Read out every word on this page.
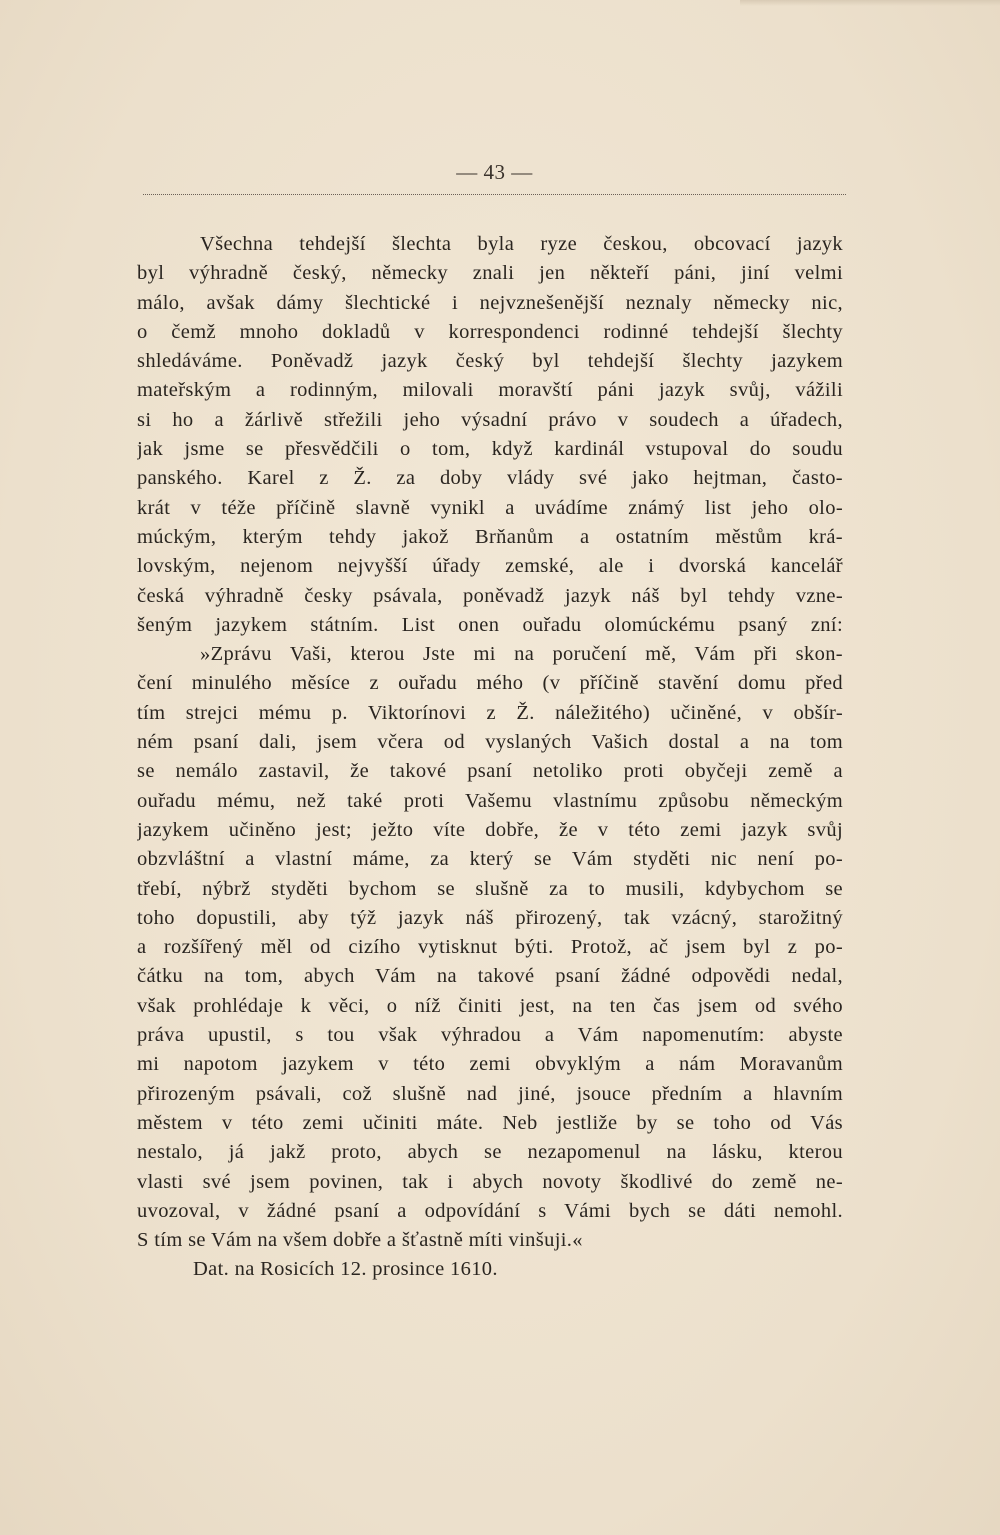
— 43 —
Všechna tehdejší šlechta byla ryze českou, obcovací jazyk
byl výhradně český, německy znali jen někteří páni, jiní velmi
málo, avšak dámy šlechtické i nejvznešenější neznaly německy nic,
o čemž mnoho dokladů v korrespondenci rodinné tehdejší šlechty
shledáváme. Poněvadž jazyk český byl tehdejší šlechty jazykem
mateřským a rodinným, milovali moravští páni jazyk svůj, vážili
si ho a žárlivě střežili jeho výsadní právo v soudech a úřadech,
jak jsme se přesvědčili o tom, když kardinál vstupoval do soudu
panského. Karel z Ž. za doby vlády své jako hejtman, často-
krát v téže příčině slavně vynikl a uvádíme známý list jeho olo-
múckým, kterým tehdy jakož Brňanům a ostatním městům krá-
lovským, nejenom nejvyšší úřady zemské, ale i dvorská kancelář
česká výhradně česky psávala, poněvadž jazyk náš byl tehdy vzne-
šeným jazykem státním. List onen ouřadu olomúckému psaný zní:
»Zprávu Vaši, kterou Jste mi na poručení mě, Vám při skon-
čení minulého měsíce z ouřadu mého (v příčině stavění domu před
tím strejci mému p. Viktorínovi z Ž. náležitého) učiněné, v obšír-
ném psaní dali, jsem včera od vyslaných Vašich dostal a na tom
se nemálo zastavil, že takové psaní netoliko proti obyčeji země a
ouřadu mému, než také proti Vašemu vlastnímu způsobu německým
jazykem učiněno jest; ježto víte dobře, že v této zemi jazyk svůj
obzvláštní a vlastní máme, za který se Vám styděti nic není po-
třebí, nýbrž styděti bychom se slušně za to musili, kdybychom se
toho dopustili, aby týž jazyk náš přirozený, tak vzácný, starožitný
a rozšířený měl od cizího vytisknut býti. Protož, ač jsem byl z po-
čátku na tom, abych Vám na takové psaní žádné odpovědi nedal,
však prohlédaje k věci, o níž činiti jest, na ten čas jsem od svého
práva upustil, s tou však výhradou a Vám napomenutím: abyste
mi napotom jazykem v této zemi obvyklým a nám Moravanům
přirozeným psávali, což slušně nad jiné, jsouce předním a hlavním
městem v této zemi učiniti máte. Neb jestliže by se toho od Vás
nestalo, já jakž proto, abych se nezapomenul na lásku, kterou
vlasti své jsem povinen, tak i abych novoty škodlivé do země ne-
uvozoval, v žádné psaní a odpovídání s Vámi bych se dáti nemohl.
S tím se Vám na všem dobře a šťastně míti vinšuji.«
Dat. na Rosicích 12. prosince 1610.
